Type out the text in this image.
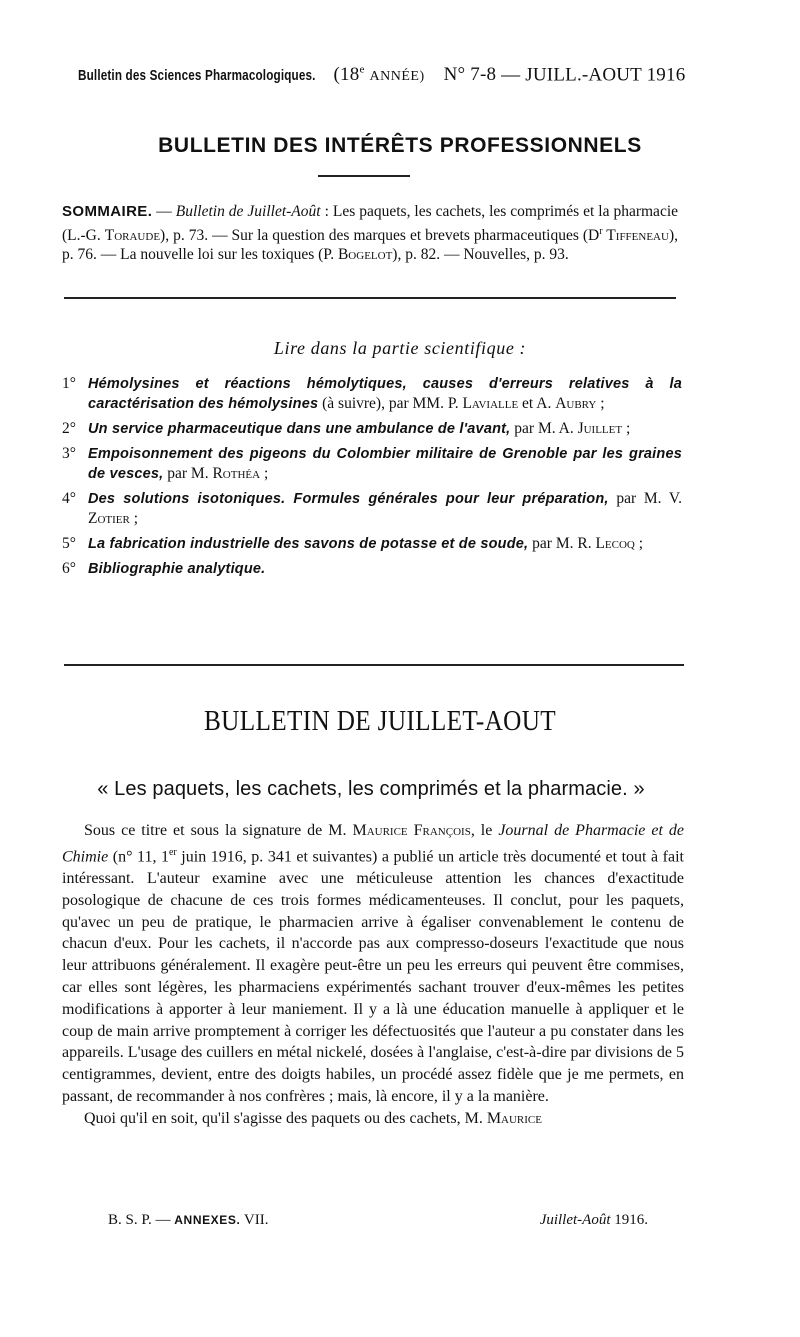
Bulletin des Sciences Pharmacologiques. (18e ANNÉE) N° 7-8 — JUILL.-AOUT 1916
BULLETIN DES INTÉRÊTS PROFESSIONNELS
SOMMAIRE. — Bulletin de Juillet-Août : Les paquets, les cachets, les comprimés et la pharmacie (L.-G. Toraude), p. 73. — Sur la question des marques et brevets pharmaceutiques ($D^r$ Tiffeneau), p. 76. — La nouvelle loi sur les toxiques (P. Bogelot), p. 82. — Nouvelles, p. 93.
Lire dans la partie scientifique :
1° Hémolysines et réactions hémolytiques, causes d'erreurs relatives à la caractérisation des hémolysines (à suivre), par MM. P. Lavialle et A. Aubry ;
2° Un service pharmaceutique dans une ambulance de l'avant, par M. A. Juillet ;
3° Empoisonnement des pigeons du Colombier militaire de Grenoble par les graines de vesces, par M. Rothéa ;
4° Des solutions isotoniques. Formules générales pour leur préparation, par M. V. Zotier ;
5° La fabrication industrielle des savons de potasse et de soude, par M. R. Lecoq ;
6° Bibliographie analytique.
BULLETIN DE JUILLET-AOUT
« Les paquets, les cachets, les comprimés et la pharmacie. »

Sous ce titre et sous la signature de M. Maurice François, le Journal de Pharmacie et de Chimie (n° 11, 1er juin 1916, p. 341 et suivantes) a publié un article très documenté et tout à fait intéressant. L'auteur examine avec une méticuleuse attention les chances d'exactitude posologique de chacune de ces trois formes médicamenteuses. Il conclut, pour les paquets, qu'avec un peu de pratique, le pharmacien arrive à égaliser convenablement le contenu de chacun d'eux. Pour les cachets, il n'accorde pas aux compresso-doseurs l'exactitude que nous leur attribuons généralement. Il exagère peut-être un peu les erreurs qui peuvent être commises, car elles sont légères, les pharmaciens expérimentés sachant trouver d'eux-mêmes les petites modifications à apporter à leur maniement. Il y a là une éducation manuelle à appliquer et le coup de main arrive promptement à corriger les défectuosités que l'auteur a pu constater dans les appareils. L'usage des cuillers en métal nickelé, dosées à l'anglaise, c'est-à-dire par divisions de 5 centigrammes, devient, entre des doigts habiles, un procédé assez fidèle que je me permets, en passant, de recommander à nos confrères ; mais, là encore, il y a la manière.

Quoi qu'il en soit, qu'il s'agisse des paquets ou des cachets, M. Maurice

B. S. P. — ANNEXES. VII.	Juillet-Août 1916.
